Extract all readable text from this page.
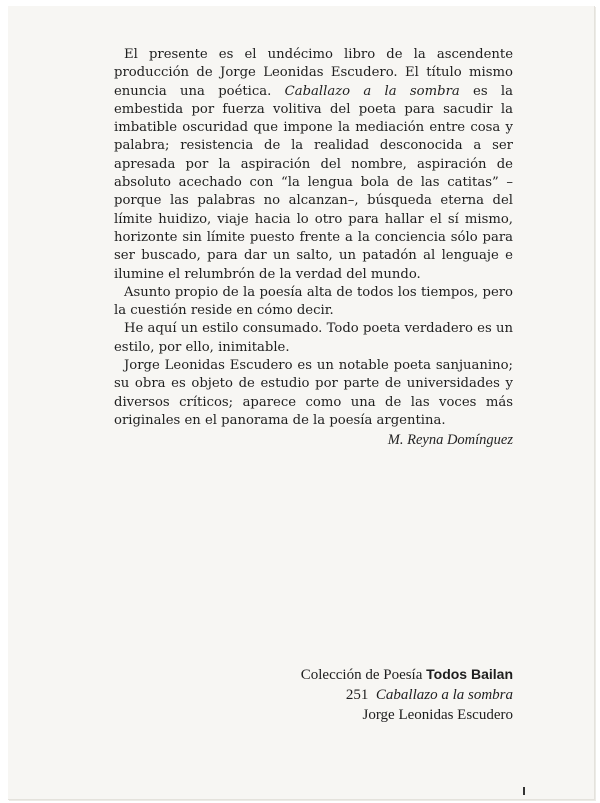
El presente es el undécimo libro de la ascendente producción de Jorge Leonidas Escudero. El título mismo enuncia una poética. Caballazo a la sombra es la embestida por fuerza volitiva del poeta para sacudir la imbatible oscuridad que impone la mediación entre cosa y palabra; resistencia de la realidad desconocida a ser apresada por la aspiración del nombre, aspiración de absoluto acechado con “la lengua bola de las catitas” –porque las palabras no alcanzan–, búsqueda eterna del límite huidizo, viaje hacia lo otro para hallar el sí mismo, horizonte sin límite puesto frente a la conciencia sólo para ser buscado, para dar un salto, un patadón al lenguaje e ilumine el relumbrón de la verdad del mundo.

Asunto propio de la poesía alta de todos los tiempos, pero la cuestión reside en cómo decir.

He aquí un estilo consumado. Todo poeta verdadero es un estilo, por ello, inimitable.

Jorge Leonidas Escudero es un notable poeta sanjuanino; su obra es objeto de estudio por parte de universidades y diversos críticos; aparece como una de las voces más originales en el panorama de la poesía argentina.

M. Reyna Domínguez
Colección de Poesía Todos Bailan
251 Caballazo a la sombra
Jorge Leonidas Escudero
